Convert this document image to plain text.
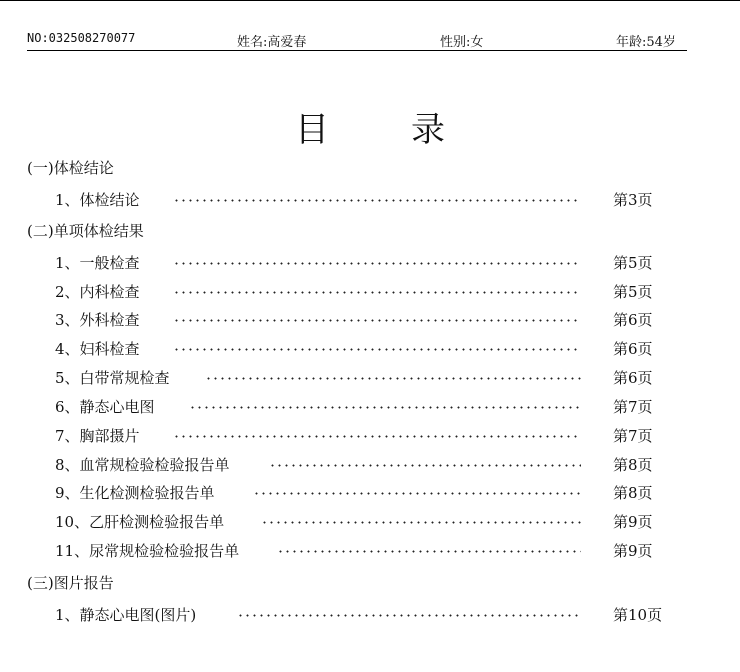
NO:032508270077	姓名:高爱春	性别:女	年龄:54岁
目 录
(一)体检结论
1、体检结论	第3页
(二)单项体检结果
1、一般检查	第5页
2、内科检查	第5页
3、外科检查	第6页
4、妇科检查	第6页
5、白带常规检查	第6页
6、静态心电图	第7页
7、胸部摄片	第7页
8、血常规检验检验报告单	第8页
9、生化检测检验报告单	第8页
10、乙肝检测检验报告单	第9页
11、尿常规检验检验报告单	第9页
(三)图片报告
1、静态心电图(图片)	第10页
